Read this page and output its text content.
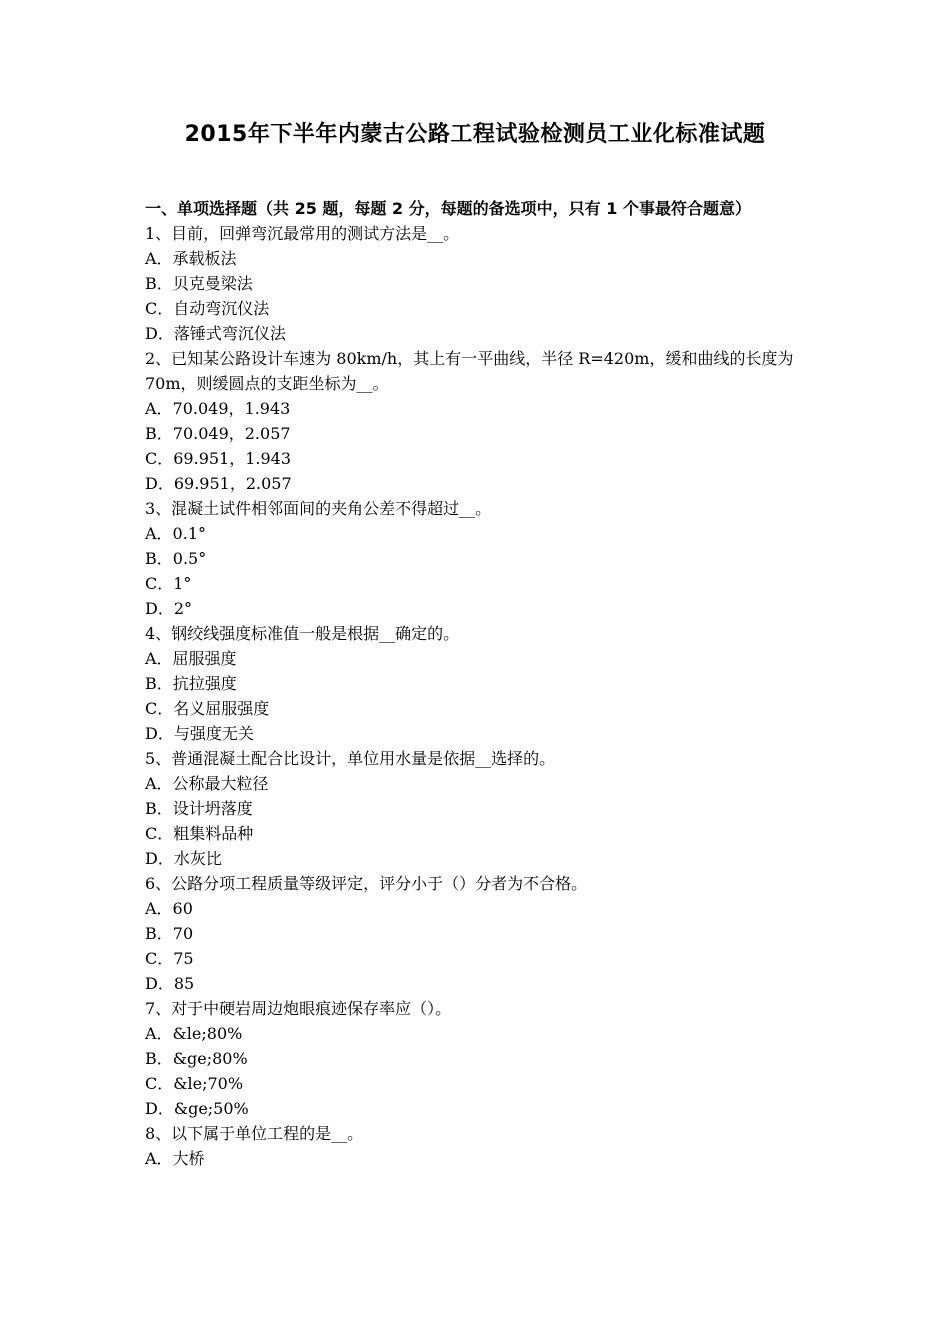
2015年下半年内蒙古公路工程试验检测员工业化标准试题

一、单项选择题（共 25 题，每题 2 分，每题的备选项中，只有 1 个事最符合题意）

1、目前，回弹弯沉最常用的测试方法是__。

A．承载板法

B．贝克曼梁法

C．自动弯沉仪法

D．落锤式弯沉仪法

2、已知某公路设计车速为 80km/h，其上有一平曲线，半径 R=420m，缓和曲线的长度为 70m，则缓圆点的支距坐标为__。

A．70.049，1.943

B．70.049，2.057

C．69.951，1.943

D．69.951，2.057

3、混凝土试件相邻面间的夹角公差不得超过__。

A．0.1°

B．0.5°

C．1°

D．2°

4、钢绞线强度标准值一般是根据__确定的。

A．屈服强度

B．抗拉强度

C．名义屈服强度

D．与强度无关

5、普通混凝土配合比设计，单位用水量是依据__选择的。

A．公称最大粒径

B．设计坍落度

C．粗集料品种

D．水灰比

6、公路分项工程质量等级评定，评分小于（）分者为不合格。

A．60

B．70

C．75

D．85

7、对于中硬岩周边炮眼痕迹保存率应（）。

A．&le;80%

B．&ge;80%

C．&le;70%

D．&ge;50%

8、以下属于单位工程的是__。

A．大桥
